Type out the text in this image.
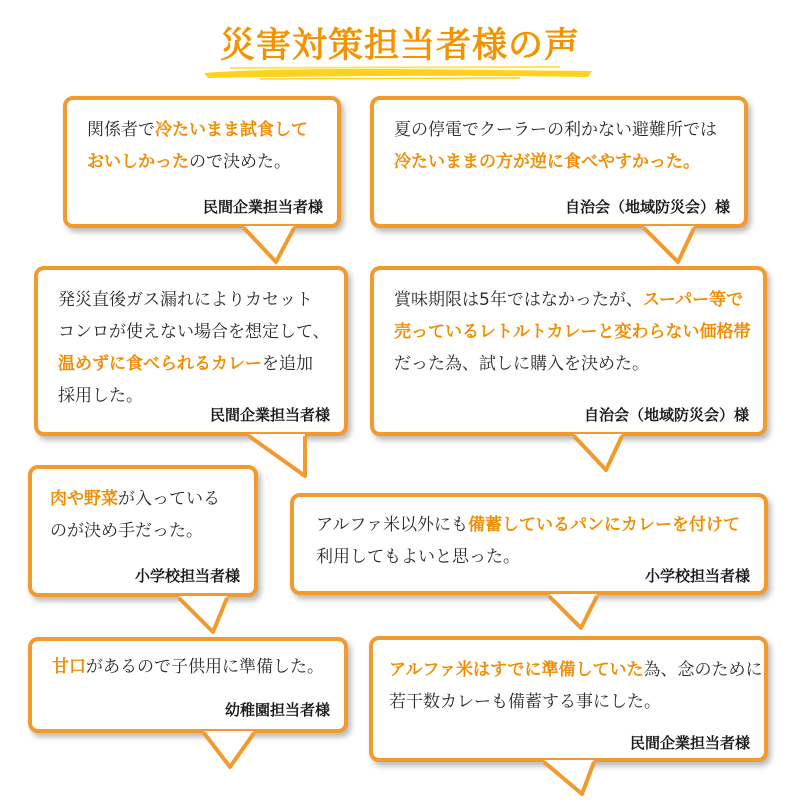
災害対策担当者様の声
関係者で冷たいまま試食して
おいしかったので決めた。
民間企業担当者様
夏の停電でクーラーの利かない避難所では
冷たいままの方が逆に食べやすかった。
自治会（地域防災会）様
発災直後ガス漏れによりカセット
コンロが使えない場合を想定して、
温めずに食べられるカレーを追加
採用した。
民間企業担当者様
賞味期限は5年ではなかったが、スーパー等で
売っているレトルトカレーと変わらない価格帯
だった為、試しに購入を決めた。
自治会（地域防災会）様
肉や野菜が入っている
のが決め手だった。
小学校担当者様
アルファ米以外にも備蓄しているパンにカレーを付けて
利用してもよいと思った。
小学校担当者様
甘口があるので子供用に準備した。
幼稚園担当者様
アルファ米はすでに準備していた為、念のために
若干数カレーも備蓄する事にした。
民間企業担当者様
